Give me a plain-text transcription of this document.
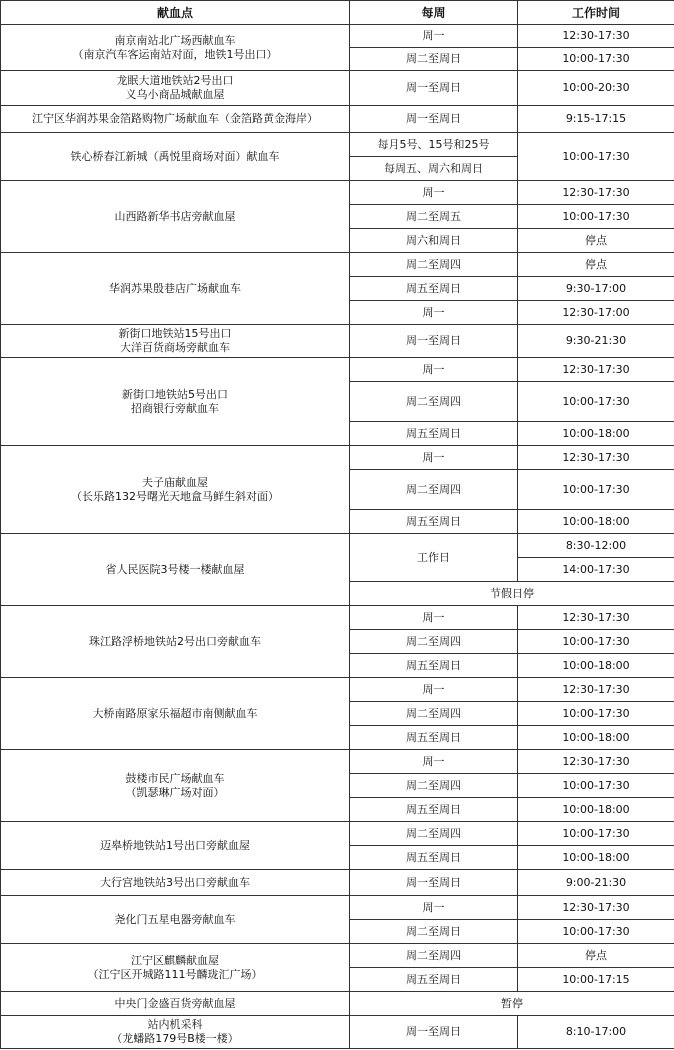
献血点	每周	工作时间

南京南站北广场西献血车
（南京汽车客运南站对面，地铁1号出口）	周一	12:30-17:30
	周二至周日	10:00-17:30

龙眠大道地铁站2号出口
义乌小商品城献血屋	周一至周日	10:00-20:30
江宁区华润苏果金箔路购物广场献血车（金箔路黄金海岸）	周一至周日	9:15-17:15
铁心桥春江新城（禹悦里商场对面）献血车	每月5号、15号和25号	10:00-17:30
	每周五、周六和周日	
山西路新华书店旁献血屋	周一	12:30-17:30
	周二至周五	10:00-17:30
	周六和周日	停点
华润苏果殷巷店广场献血车	周二至周四	停点
	周五至周日	9:30-17:00
	周一	12:30-17:00

新街口地铁站15号出口
大洋百货商场旁献血车	周一至周日	9:30-21:30

新街口地铁站5号出口
招商银行旁献血车	周一	12:30-17:30
	周二至周四	10:00-17:30
	周五至周日	10:00-18:00

夫子庙献血屋
（长乐路132号曙光天地盒马鲜生斜对面）	周一	12:30-17:30
	周二至周四	10:00-17:30
	周五至周日	10:00-18:00
省人民医院3号楼一楼献血屋	工作日	8:30-12:00
		14:00-17:30
	节假日停	
珠江路浮桥地铁站2号出口旁献血车	周一	12:30-17:30
	周二至周四	10:00-17:30
	周五至周日	10:00-18:00
大桥南路原家乐福超市南侧献血车	周一	12:30-17:30
	周二至周四	10:00-17:30
	周五至周日	10:00-18:00

鼓楼市民广场献血车
（凯瑟琳广场对面）	周一	12:30-17:30
	周二至周四	10:00-17:30
	周五至周日	10:00-18:00
迈皋桥地铁站1号出口旁献血屋	周二至周四	10:00-17:30
	周五至周日	10:00-18:00
大行宫地铁站3号出口旁献血车	周一至周日	9:00-21:30
尧化门五星电器旁献血车	周一	12:30-17:30
	周二至周日	10:00-17:30

江宁区麒麟献血屋
（江宁区开城路111号麟珑汇广场）	周二至周四	停点
	周五至周日	10:00-17:15
中央门金盛百货旁献血屋	暂停	

站内机采科
（龙蟠路179号B楼一楼）	周一至周日	8:10-17:00
